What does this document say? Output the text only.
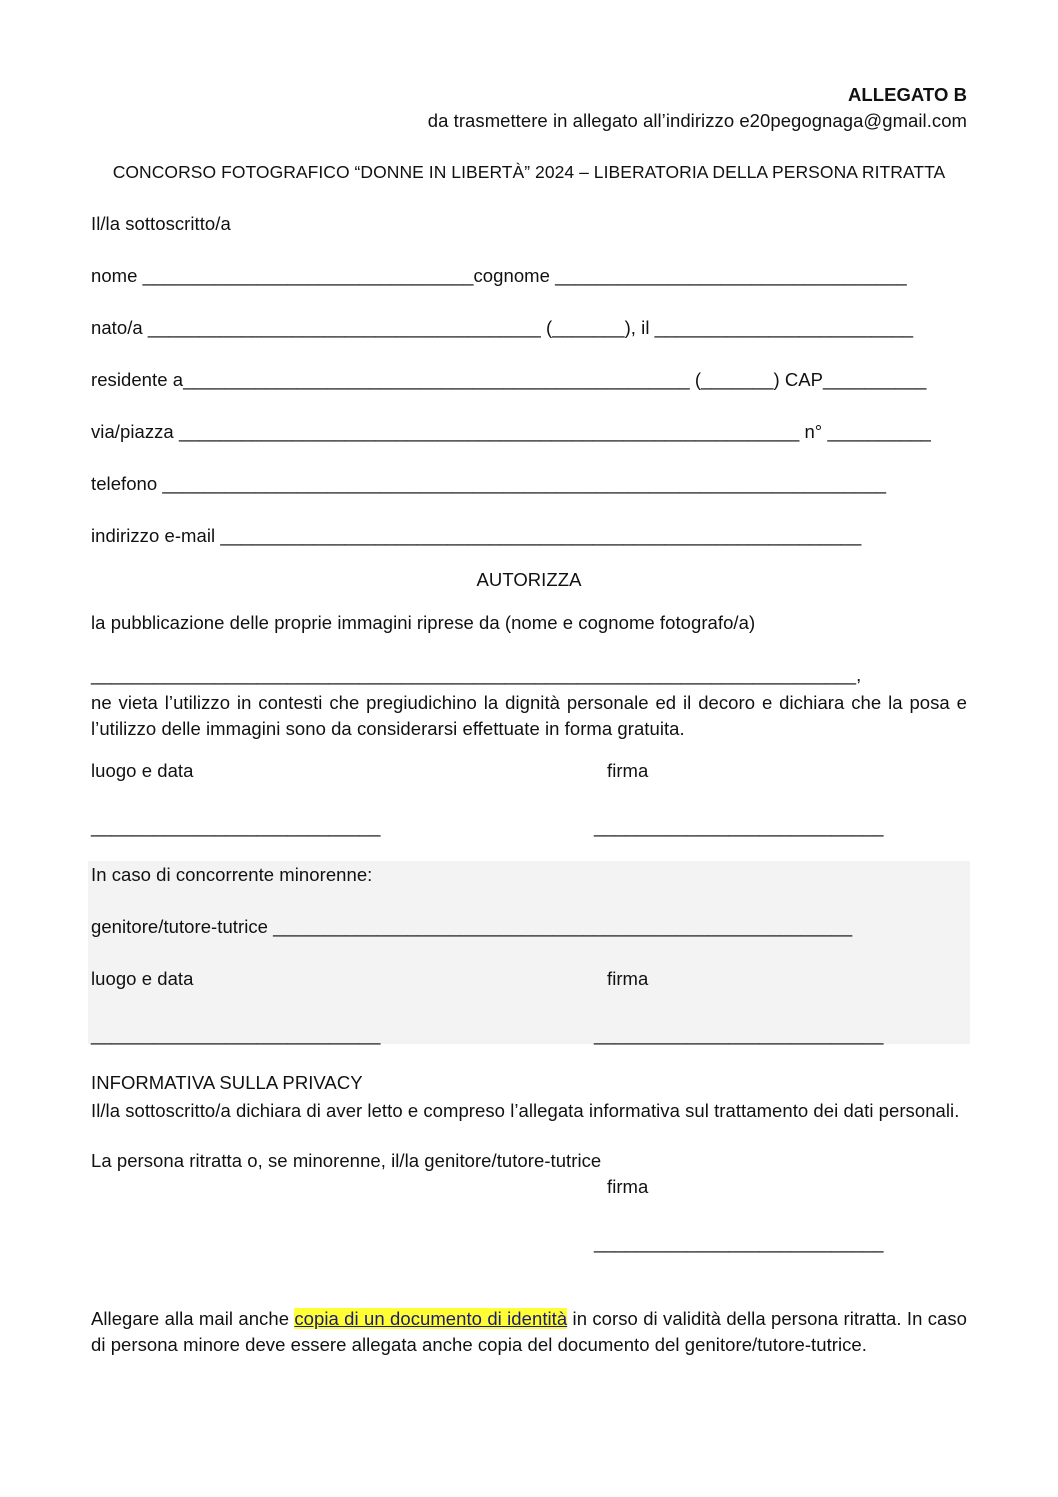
ALLEGATO B
da trasmettere in allegato all’indirizzo e20pegognaga@gmail.com
CONCORSO FOTOGRAFICO “DONNE IN LIBERTÀ” 2024 – LIBERATORIA DELLA PERSONA RITRATTA
Il/la sottoscritto/a
nome ________________________________cognome __________________________________
nato/a ______________________________________ (_______), il _________________________
residente a_________________________________________________ (_______) CAP__________
via/piazza ____________________________________________________________ n° __________
telefono ______________________________________________________________________
indirizzo e-mail ______________________________________________________________
AUTORIZZA
la pubblicazione delle proprie immagini riprese da (nome e cognome fotografo/a)
__________________________________________________________________________,
ne vieta l’utilizzo in contesti che pregiudichino la dignità personale ed il decoro e dichiara che la posa e l’utilizzo delle immagini sono da considerarsi effettuate in forma gratuita.
luogo e data	firma
____________________________	____________________________
In caso di concorrente minorenne:
genitore/tutore-tutrice ________________________________________________________
luogo e data	firma
____________________________	____________________________
INFORMATIVA SULLA PRIVACY
Il/la sottoscritto/a dichiara di aver letto e compreso l’allegata informativa sul trattamento dei dati personali.
La persona ritratta o, se minorenne, il/la genitore/tutore-tutrice
firma
____________________________
Allegare alla mail anche copia di un documento di identità in corso di validità della persona ritratta. In caso di persona minore deve essere allegata anche copia del documento del genitore/tutore-tutrice.
